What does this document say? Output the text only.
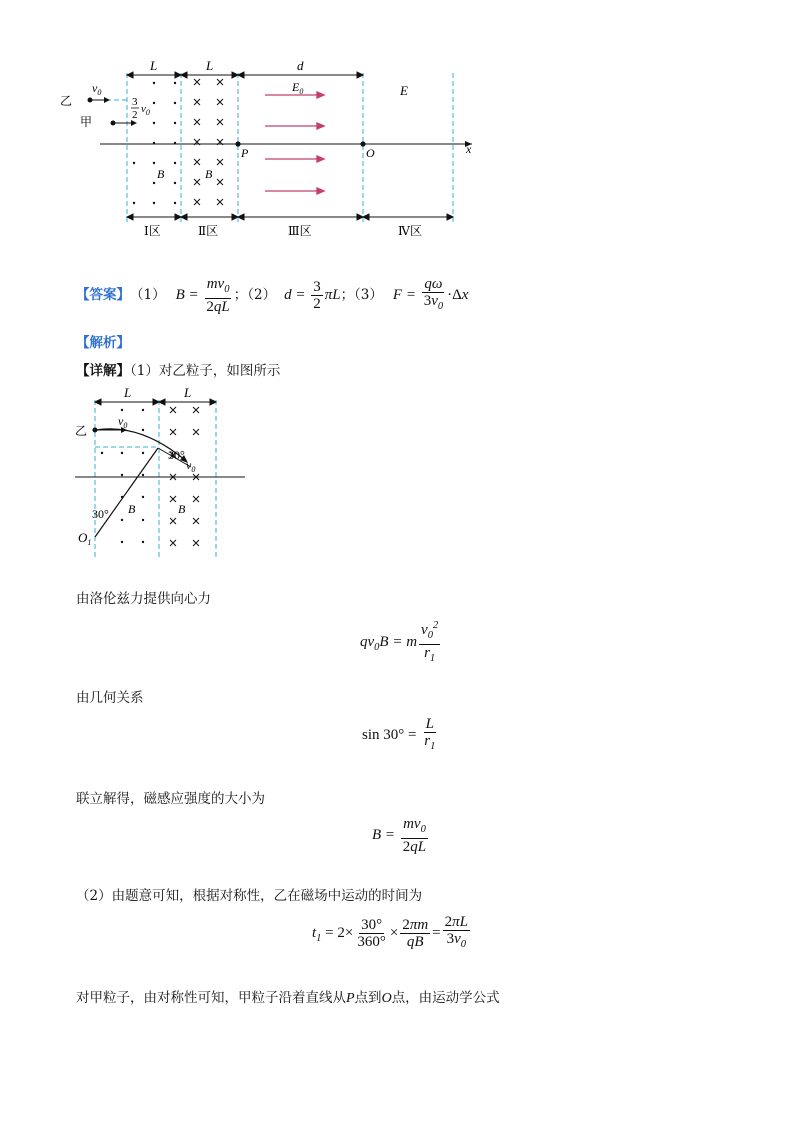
L	L	d
$E_0$	E
乙
甲
$v_0$
3
2 $v_0$
P	O	x
B	B
Ⅰ区	Ⅱ区	Ⅲ区	Ⅳ区
【答案】 （1） $B = \frac{mv_0}{2qL}$ ；（2） $d = \frac{3}{2}$ πL ；（3） $F = \frac{q\omega}{3v_0} \cdot\Delta x$
【解析】
【详解】（1）对乙粒子，如图所示
L	L
乙
$v_0$
30°
$v_0$
30° B	B
$O_1$
由洛伦兹力提供向心力
$qv_0B = m \frac{v_0^2}{r_1}$
由几何关系
$\sin 30^\circ = \frac{L}{r_1}$
联立解得，磁感应强度的大小为
$B = \frac{mv_0}{2qL}$
（2）由题意可知，根据对称性，乙在磁场中运动的时间为
$t_1 = 2\times \frac{30^\circ}{360^\circ} \times \frac{2\pi m}{qB} = \frac{2\pi L}{3v_0}$
对甲粒子，由对称性可知，甲粒子沿着直线从P点到O点，由运动学公式
